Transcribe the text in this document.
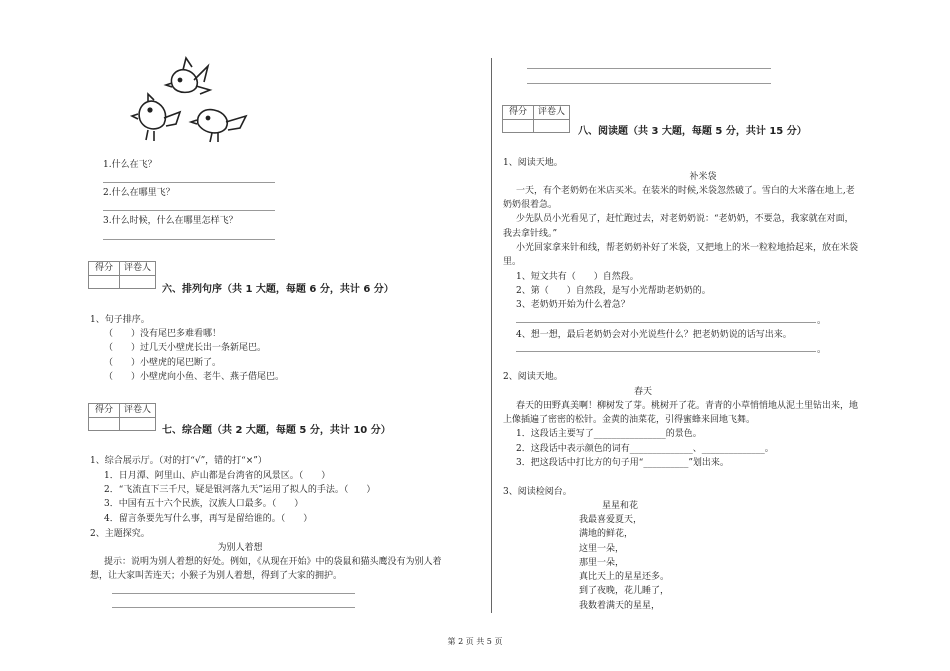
1.什么在飞？
2.什么在哪里飞？
3.什么时候，什么在哪里怎样飞？
得分	评卷人
六、排列句序（共 1 大题，每题 6 分，共计 6 分）
1、句子排序。
（　　）没有尾巴多难看哪！
（　　）过几天小壁虎长出一条新尾巴。
（　　）小壁虎的尾巴断了。
（　　）小壁虎向小鱼、老牛、燕子借尾巴。
得分	评卷人
七、综合题（共 2 大题，每题 5 分，共计 10 分）
1、综合展示厅。（对的打“√”，错的打“×”）
1．日月潭、阿里山、庐山都是台湾省的风景区。（　　）
2．“飞流直下三千尺，疑是银河落九天”运用了拟人的手法。（　　）
3．中国有五十六个民族，汉族人口最多。（　　）
4．留言条要先写什么事，再写是留给谁的。（　　）
2、主题探究。
为别人着想
提示：说明为别人着想的好处。例如，《从现在开始》中的袋鼠和猫头鹰没有为别人着
想，让大家叫苦连天；小猴子为别人着想，得到了大家的拥护。
得分	评卷人
八、阅读题（共 3 大题，每题 5 分，共计 15 分）
1、阅读天地。
补米袋
一天，有个老奶奶在米店买米。在装米的时候,米袋忽然破了。雪白的大米落在地上,老
奶奶很着急。
少先队员小光看见了，赶忙跑过去，对老奶奶说：“老奶奶，不要急，我家就在对面，
我去拿针线。”
小光回家拿来针和线，帮老奶奶补好了米袋，又把地上的米一粒粒地拾起来，放在米袋
里。
1、短文共有（　　）自然段。
2、第（　　）自然段，是写小光帮助老奶奶的。
3、老奶奶开始为什么着急？
。
4、想一想，最后老奶奶会对小光说些什么？把老奶奶说的话写出来。
。
2、阅读天地。
春天
春天的田野真美啊！柳树发了芽。桃树开了花。青青的小草悄悄地从泥土里钻出来，地
上像插遍了密密的松针。金黄的油菜花，引得蜜蜂来回地飞舞。
1．这段话主要写了________________的景色。
2．这段话中表示颜色的词有______________、______________。
3．把这段话中打比方的句子用“__________”划出来。
3、阅读检阅台。
星星和花
我最喜爱夏天，
满地的鲜花，
这里一朵，
那里一朵，
真比天上的星星还多。
到了夜晚，花儿睡了，
我数着满天的星星，
第 2 页 共 5 页
